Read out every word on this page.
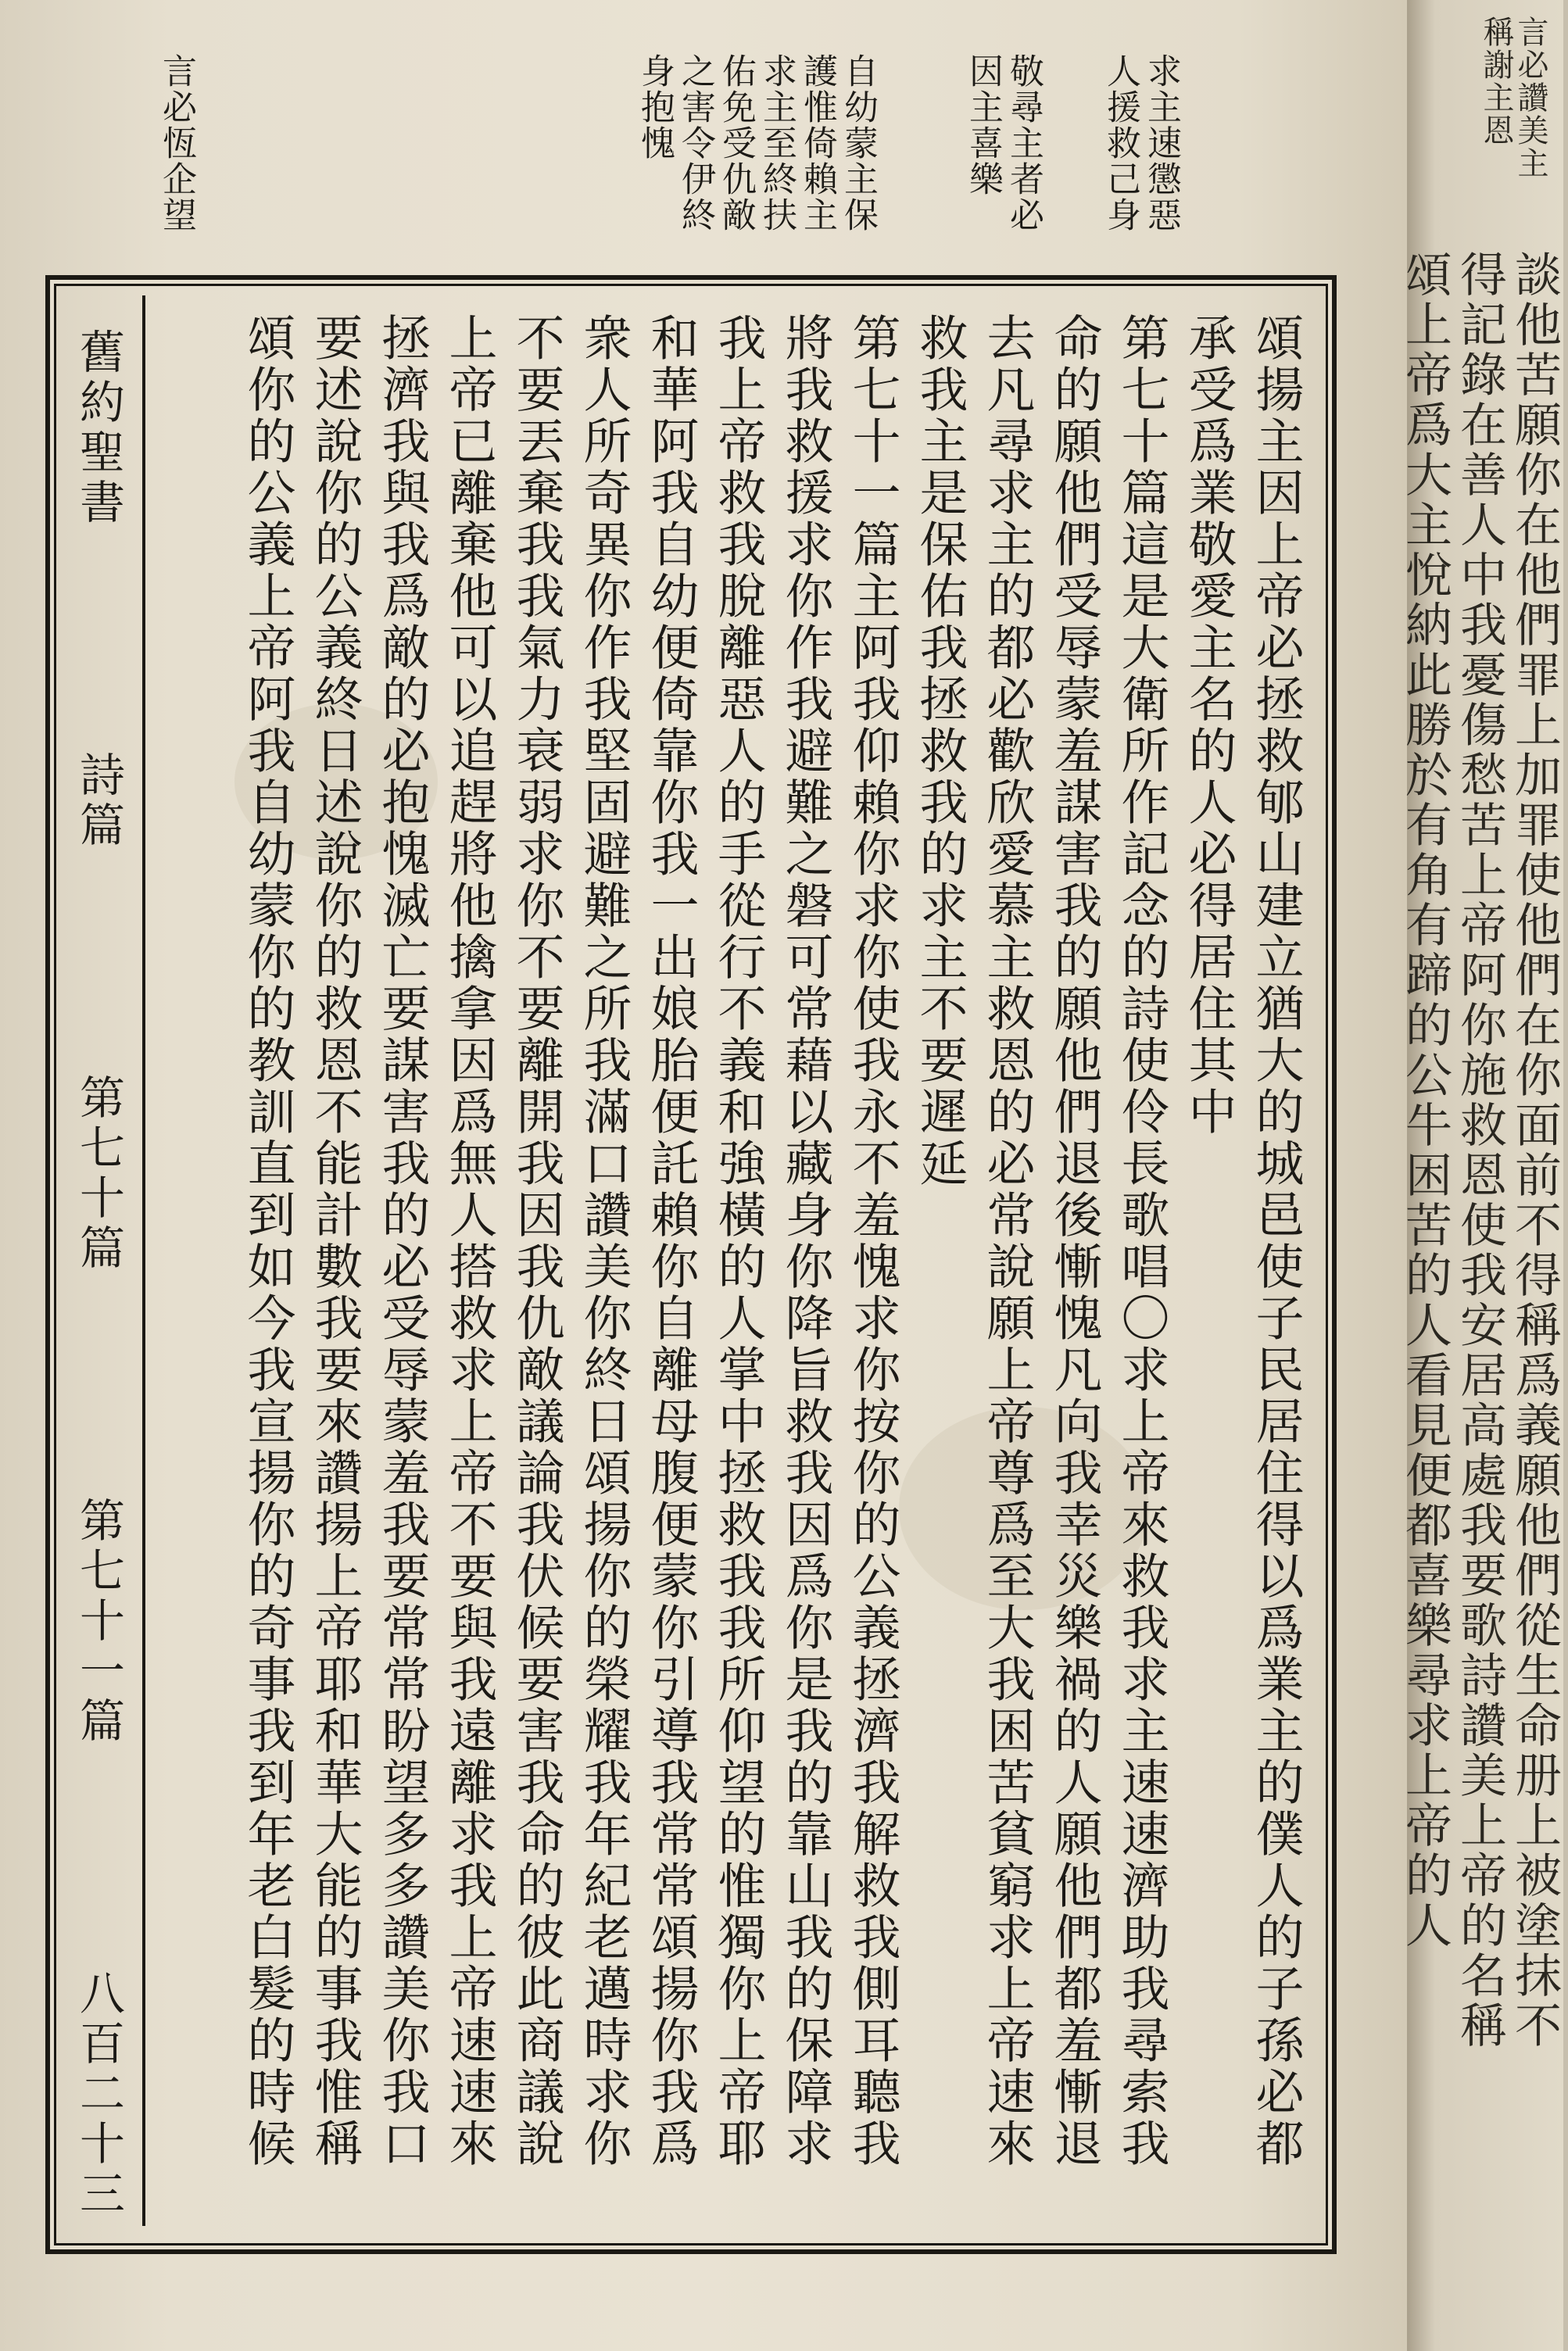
求主速懲惡
人援救己身
敬尋主者必
因主喜樂
自幼蒙主保
護惟倚賴主
求主至終扶
佑免受仇敵
之害令伊終
身抱愧
言必恆企望
頌揚主因上帝必拯救郇山建立猶大的城邑使子民居住得以爲業主的僕人的子孫必都
承受爲業敬愛主名的人必得居住其中
第七十篇這是大衛所作記念的詩使伶長歌唱〇求上帝來救我求主速速濟助我尋索我
命的願他們受辱蒙羞謀害我的願他們退後慚愧凡向我幸災樂禍的人願他們都羞慚退
去凡尋求主的都必歡欣愛慕主救恩的必常說願上帝尊爲至大我困苦貧窮求上帝速來
救我主是保佑我拯救我的求主不要遲延
第七十一篇主阿我仰賴你求你使我永不羞愧求你按你的公義拯濟我解救我側耳聽我
將我救援求你作我避難之磐可常藉以藏身你降旨救我因爲你是我的靠山我的保障求
我上帝救我脫離惡人的手從行不義和強橫的人掌中拯救我我所仰望的惟獨你上帝耶
和華阿我自幼便倚靠你我一出娘胎便託賴你自離母腹便蒙你引導我常常頌揚你我爲
衆人所奇異你作我堅固避難之所我滿口讚美你終日頌揚你的榮耀我年紀老邁時求你
不要丟棄我我氣力衰弱求你不要離開我因我仇敵議論我伏候要害我命的彼此商議說
上帝已離棄他可以追趕將他擒拿因爲無人搭救求上帝不要與我遠離求我上帝速速來
拯濟我與我爲敵的必抱愧滅亡要謀害我的必受辱蒙羞我要常常盼望多多讚美你我口
要述說你的公義終日述說你的救恩不能計數我要來讚揚上帝耶和華大能的事我惟稱
頌你的公義上帝阿我自幼蒙你的教訓直到如今我宣揚你的奇事我到年老白髮的時候
舊約聖書
詩篇
第七十篇
第七十一篇
八百二十三
言必讚美主
稱謝主恩
談他苦願你在他們罪上加罪使他們在你面前不得稱爲義願他們從生命册上被塗抹不
得記錄在善人中我憂傷愁苦上帝阿你施救恩使我安居高處我要歌詩讚美上帝的名稱
頌上帝爲大主悅納此勝於有角有蹄的公牛困苦的人看見便都喜樂尋求上帝的人
